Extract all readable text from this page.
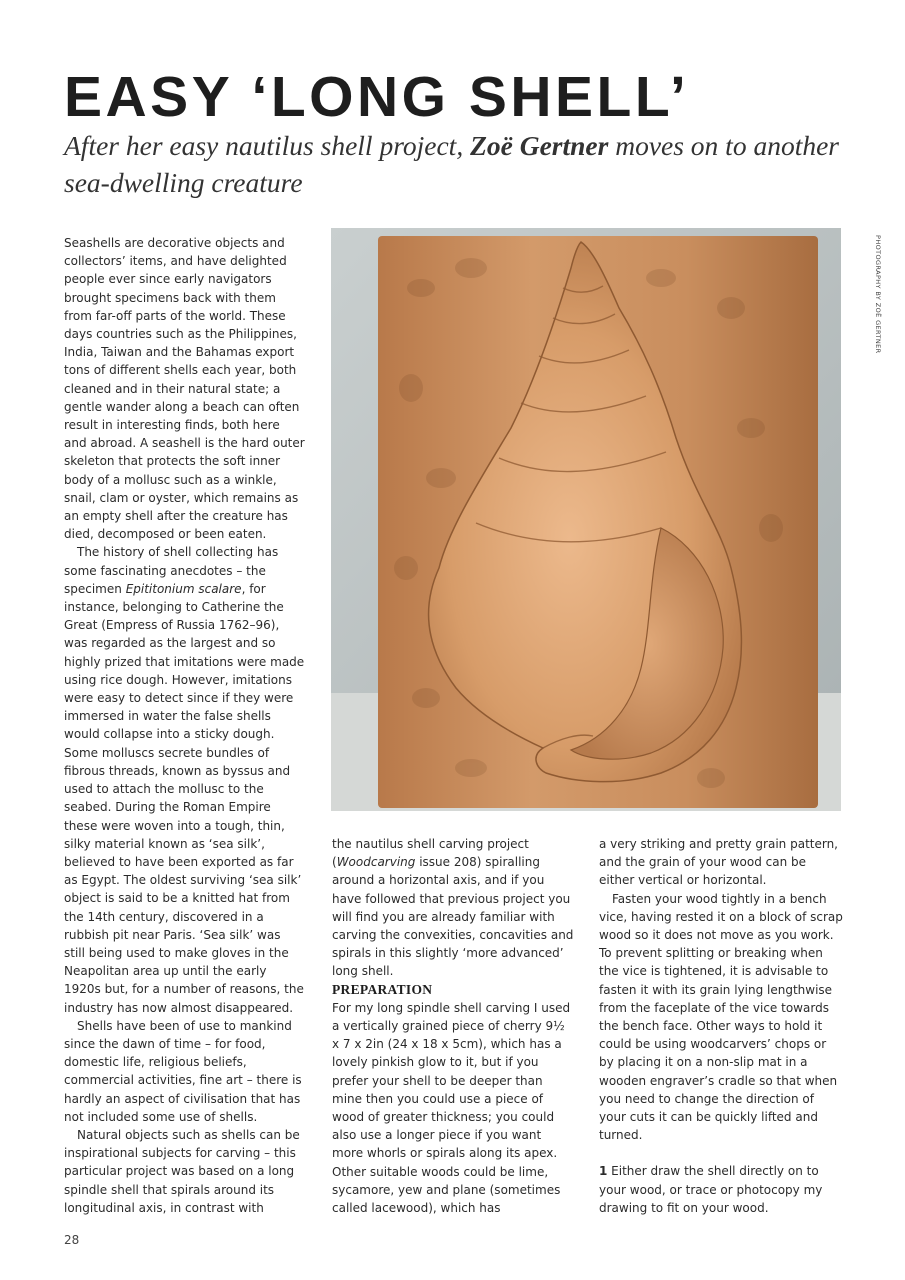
EASY ‘LONG SHELL’

After her easy nautilus shell project, Zoë Gertner moves on to another sea-dwelling creature

Seashells are decorative objects and collectors’ items, and have delighted people ever since early navigators brought specimens back with them from far-off parts of the world. These days countries such as the Philippines, India, Taiwan and the Bahamas export tons of different shells each year, both cleaned and in their natural state; a gentle wander along a beach can often result in interesting finds, both here and abroad. A seashell is the hard outer skeleton that protects the soft inner body of a mollusc such as a winkle, snail, clam or oyster, which remains as an empty shell after the creature has died, decomposed or been eaten.

The history of shell collecting has some fascinating anecdotes – the specimen Epititonium scalare, for instance, belonging to Catherine the Great (Empress of Russia 1762–96), was regarded as the largest and so highly prized that imitations were made using rice dough. However, imitations were easy to detect since if they were immersed in water the false shells would collapse into a sticky dough. Some molluscs secrete bundles of fibrous threads, known as byssus and used to attach the mollusc to the seabed. During the Roman Empire these were woven into a tough, thin, silky material known as ‘sea silk’, believed to have been exported as far as Egypt. The oldest surviving ‘sea silk’ object is said to be a knitted hat from the 14th century, discovered in a rubbish pit near Paris. ‘Sea silk’ was still being used to make gloves in the Neapolitan area up until the early 1920s but, for a number of reasons, the industry has now almost disappeared.

Shells have been of use to mankind since the dawn of time – for food, domestic life, religious beliefs, commercial activities, fine art – there is hardly an aspect of civilisation that has not included some use of shells.

Natural objects such as shells can be inspirational subjects for carving – this particular project was based on a long spindle shell that spirals around its longitudinal axis, in contrast with

PHOTOGRAPHY BY ZOË GERTNER

the nautilus shell carving project (Woodcarving issue 208) spiralling around a horizontal axis, and if you have followed that previous project you will find you are already familiar with carving the convexities, concavities and spirals in this slightly ‘more advanced’ long shell.

PREPARATION

For my long spindle shell carving I used a vertically grained piece of cherry 9½ x 7 x 2in (24 x 18 x 5cm), which has a lovely pinkish glow to it, but if you prefer your shell to be deeper than mine then you could use a piece of wood of greater thickness; you could also use a longer piece if you want more whorls or spirals along its apex. Other suitable woods could be lime, sycamore, yew and plane (sometimes called lacewood), which has

a very striking and pretty grain pattern, and the grain of your wood can be either vertical or horizontal.

Fasten your wood tightly in a bench vice, having rested it on a block of scrap wood so it does not move as you work. To prevent splitting or breaking when the vice is tightened, it is advisable to fasten it with its grain lying lengthwise from the faceplate of the vice towards the bench face. Other ways to hold it could be using woodcarvers’ chops or by placing it on a non-slip mat in a wooden engraver’s cradle so that when you need to change the direction of your cuts it can be quickly lifted and turned.

1 Either draw the shell directly on to your wood, or trace or photocopy my drawing to fit on your wood.

28
